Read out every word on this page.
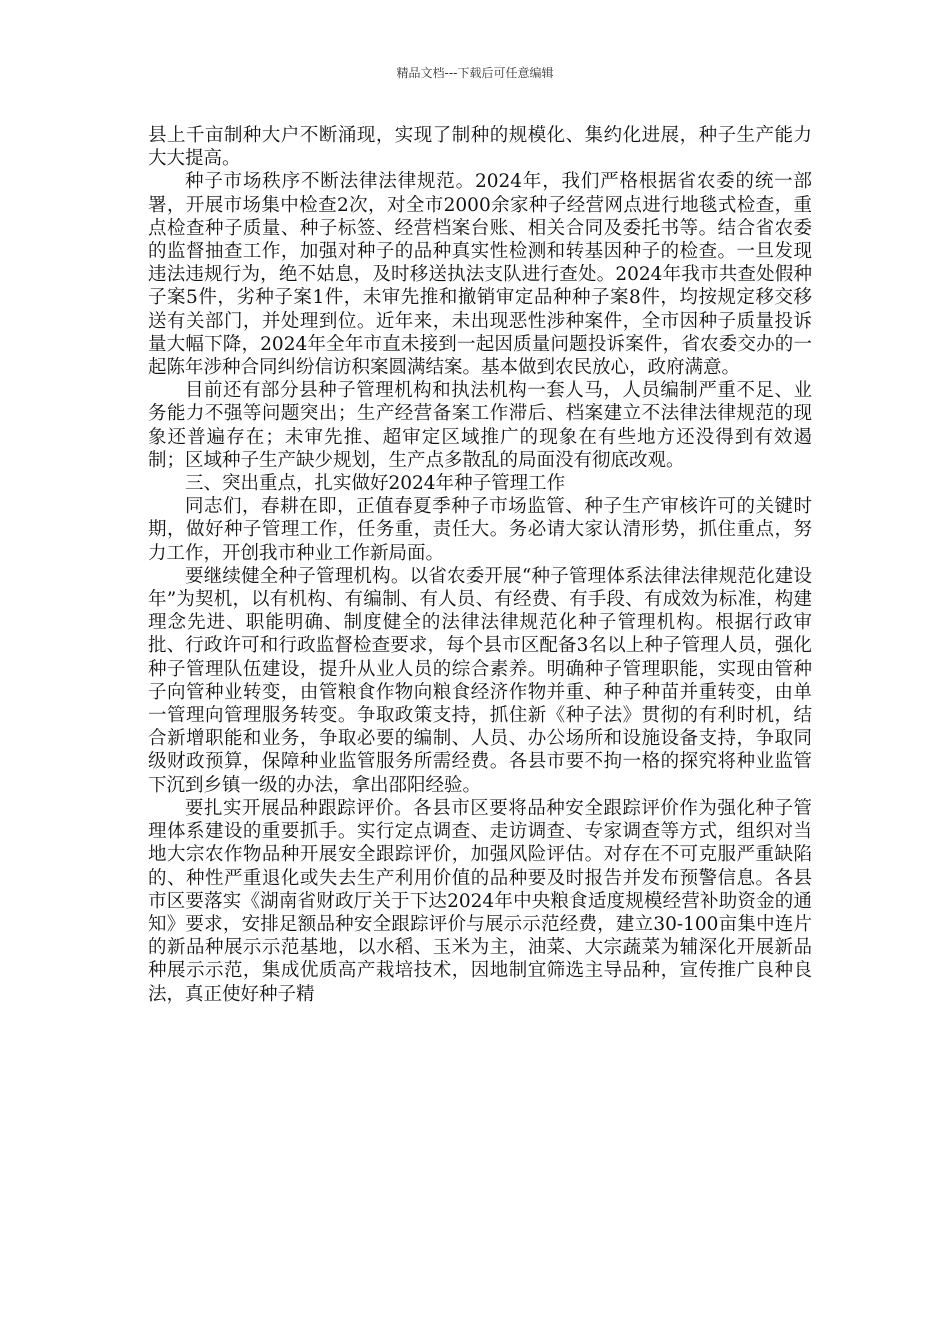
精品文档---下载后可任意编辑

县上千亩制种大户不断涌现，实现了制种的规模化、集约化进展，种子生产能力大大提高。

种子市场秩序不断法律法律规范。2024年，我们严格根据省农委的统一部署，开展市场集中检查2次，对全市2000余家种子经营网点进行地毯式检查，重点检查种子质量、种子标签、经营档案台账、相关合同及委托书等。结合省农委的监督抽查工作，加强对种子的品种真实性检测和转基因种子的检查。一旦发现违法违规行为，绝不姑息，及时移送执法支队进行查处。2024年我市共查处假种子案5件，劣种子案1件，未审先推和撤销审定品种种子案8件，均按规定移交移送有关部门，并处理到位。近年来，未出现恶性涉种案件，全市因种子质量投诉量大幅下降，2024年全年市直未接到一起因质量问题投诉案件，省农委交办的一起陈年涉种合同纠纷信访积案圆满结案。基本做到农民放心，政府满意。

目前还有部分县种子管理机构和执法机构一套人马，人员编制严重不足、业务能力不强等问题突出；生产经营备案工作滞后、档案建立不法律法律规范的现象还普遍存在；未审先推、超审定区域推广的现象在有些地方还没得到有效遏制；区域种子生产缺少规划，生产点多散乱的局面没有彻底改观。

三、突出重点，扎实做好2024年种子管理工作

同志们，春耕在即，正值春夏季种子市场监管、种子生产审核许可的关键时期，做好种子管理工作，任务重，责任大。务必请大家认清形势，抓住重点，努力工作，开创我市种业工作新局面。

要继续健全种子管理机构。以省农委开展“种子管理体系法律法律规范化建设年”为契机，以有机构、有编制、有人员、有经费、有手段、有成效为标准，构建理念先进、职能明确、制度健全的法律法律规范化种子管理机构。根据行政审批、行政许可和行政监督检查要求，每个县市区配备3名以上种子管理人员，强化种子管理队伍建设，提升从业人员的综合素养。明确种子管理职能，实现由管种子向管种业转变，由管粮食作物向粮食经济作物并重、种子种苗并重转变，由单一管理向管理服务转变。争取政策支持，抓住新《种子法》贯彻的有利时机，结合新增职能和业务，争取必要的编制、人员、办公场所和设施设备支持，争取同级财政预算，保障种业监管服务所需经费。各县市要不拘一格的探究将种业监管下沉到乡镇一级的办法，拿出邵阳经验。

要扎实开展品种跟踪评价。各县市区要将品种安全跟踪评价作为强化种子管理体系建设的重要抓手。实行定点调查、走访调查、专家调查等方式，组织对当地大宗农作物品种开展安全跟踪评价，加强风险评估。对存在不可克服严重缺陷的、种性严重退化或失去生产利用价值的品种要及时报告并发布预警信息。各县市区要落实《湖南省财政厅关于下达2024年中央粮食适度规模经营补助资金的通知》要求，安排足额品种安全跟踪评价与展示示范经费，建立30-100亩集中连片的新品种展示示范基地，以水稻、玉米为主，油菜、大宗蔬菜为辅深化开展新品种展示示范，集成优质高产栽培技术，因地制宜筛选主导品种，宣传推广良种良法，真正使好种子精
